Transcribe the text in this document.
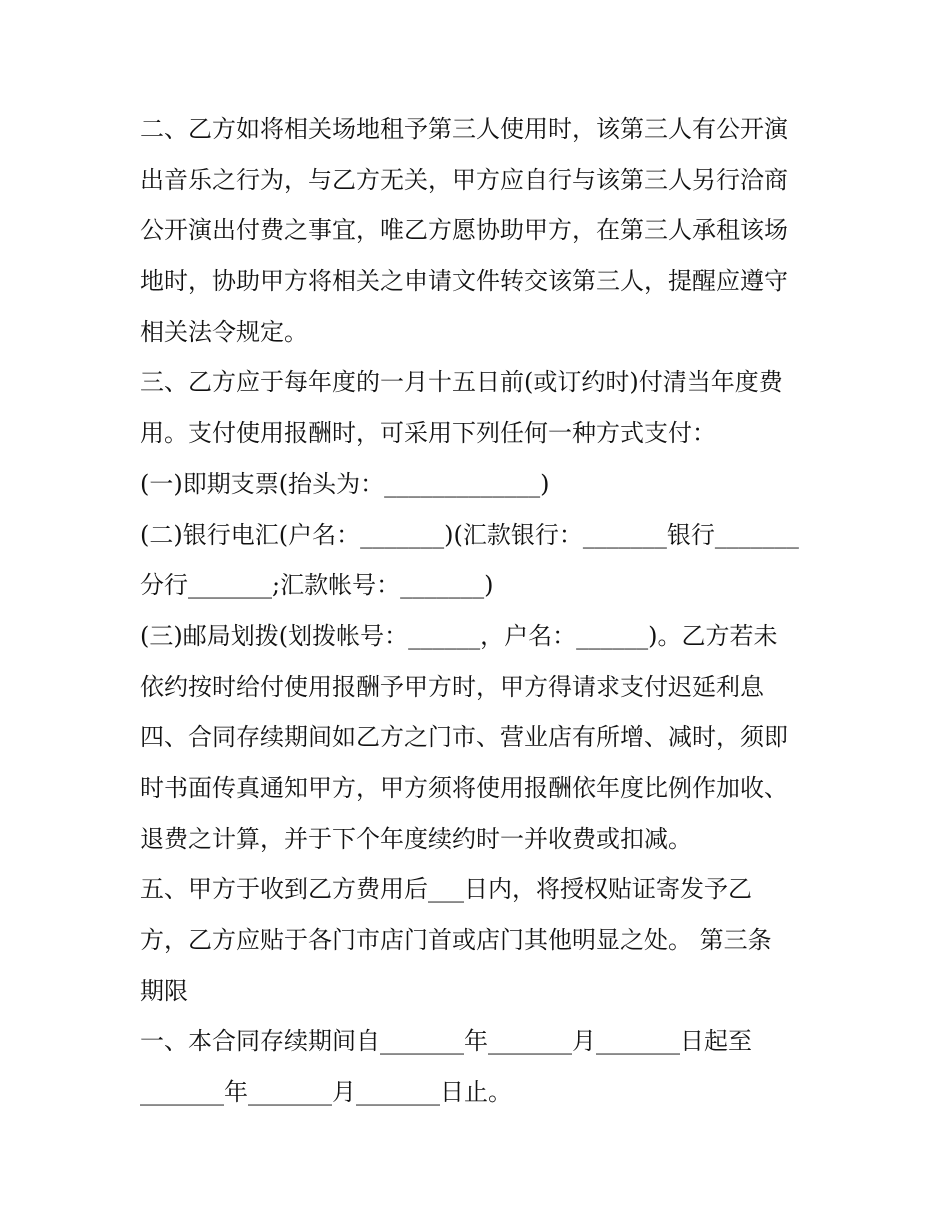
二、乙方如将相关场地租予第三人使用时，该第三人有公开演
出音乐之行为，与乙方无关，甲方应自行与该第三人另行洽商
公开演出付费之事宜，唯乙方愿协助甲方，在第三人承租该场
地时，协助甲方将相关之申请文件转交该第三人，提醒应遵守
相关法令规定。
三、乙方应于每年度的一月十五日前(或订约时)付清当年度费
用。支付使用报酬时，可采用下列任何一种方式支付：
(一)即期支票(抬头为：_____________)
(二)银行电汇(户名：_______)(汇款银行：_______银行_______
分行_______;汇款帐号：_______)
(三)邮局划拨(划拨帐号：______，户名：______)。乙方若未
依约按时给付使用报酬予甲方时，甲方得请求支付迟延利息
四、合同存续期间如乙方之门市、营业店有所增、减时，须即
时书面传真通知甲方，甲方须将使用报酬依年度比例作加收、
退费之计算，并于下个年度续约时一并收费或扣减。
五、甲方于收到乙方费用后___日内，将授权贴证寄发予乙
方，乙方应贴于各门市店门首或店门其他明显之处。 第三条
期限
一、本合同存续期间自_______年_______月_______日起至
_______年_______月_______日止。
